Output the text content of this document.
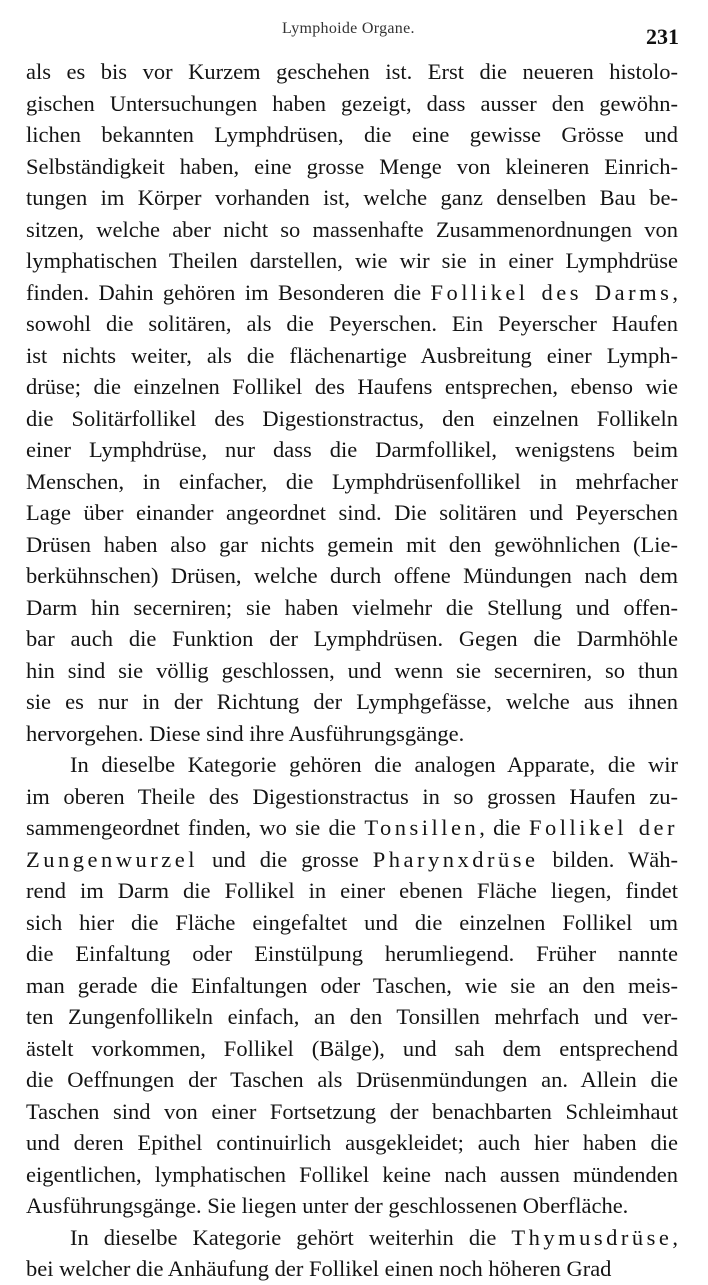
Lymphoide Organe.	231
als es bis vor Kurzem geschehen ist. Erst die neueren histolo-
gischen Untersuchungen haben gezeigt, dass ausser den gewöhn-
lichen bekannten Lymphdrüsen, die eine gewisse Grösse und
Selbständigkeit haben, eine grosse Menge von kleineren Einrich-
tungen im Körper vorhanden ist, welche ganz denselben Bau be-
sitzen, welche aber nicht so massenhafte Zusammenordnungen von
lymphatischen Theilen darstellen, wie wir sie in einer Lymphdrüse
finden. Dahin gehören im Besonderen die Follikel des Darms,
sowohl die solitären, als die Peyerschen. Ein Peyerscher Haufen
ist nichts weiter, als die flächenartige Ausbreitung einer Lymph-
drüse; die einzelnen Follikel des Haufens entsprechen, ebenso wie
die Solitärfollikel des Digestionstractus, den einzelnen Follikeln
einer Lymphdrüse, nur dass die Darmfollikel, wenigstens beim
Menschen, in einfacher, die Lymphdrüsenfollikel in mehrfacher
Lage über einander angeordnet sind. Die solitären und Peyerschen
Drüsen haben also gar nichts gemein mit den gewöhnlichen (Lie-
berkühnschen) Drüsen, welche durch offene Mündungen nach dem
Darm hin secerniren; sie haben vielmehr die Stellung und offen-
bar auch die Funktion der Lymphdrüsen. Gegen die Darmhöhle
hin sind sie völlig geschlossen, und wenn sie secerniren, so thun
sie es nur in der Richtung der Lymphgefässe, welche aus ihnen
hervorgehen. Diese sind ihre Ausführungsgänge.
In dieselbe Kategorie gehören die analogen Apparate, die wir
im oberen Theile des Digestionstractus in so grossen Haufen zu-
sammengeordnet finden, wo sie die Tonsillen, die Follikel der
Zungenwurzel und die grosse Pharynxdrüse bilden. Wäh-
rend im Darm die Follikel in einer ebenen Fläche liegen, findet
sich hier die Fläche eingefaltet und die einzelnen Follikel um
die Einfaltung oder Einstülpung herumliegend. Früher nannte
man gerade die Einfaltungen oder Taschen, wie sie an den meis-
ten Zungenfollikeln einfach, an den Tonsillen mehrfach und ver-
ästelt vorkommen, Follikel (Bälge), und sah dem entsprechend
die Oeffnungen der Taschen als Drüsenmündungen an. Allein die
Taschen sind von einer Fortsetzung der benachbarten Schleimhaut
und deren Epithel continuirlich ausgekleidet; auch hier haben die
eigentlichen, lymphatischen Follikel keine nach aussen mündenden
Ausführungsgänge. Sie liegen unter der geschlossenen Oberfläche.
In dieselbe Kategorie gehört weiterhin die Thymusdrüse,
bei welcher die Anhäufung der Follikel einen noch höheren Grad
